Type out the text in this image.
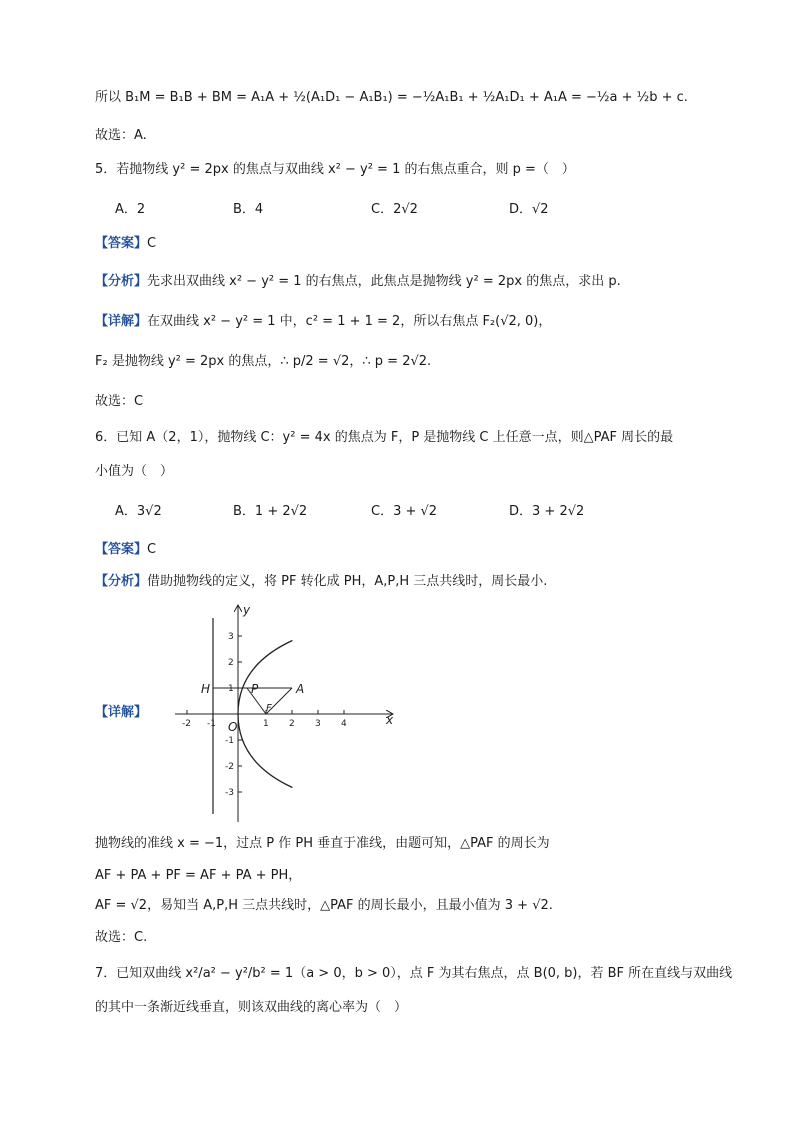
所以 B₁M = B₁B + BM = A₁A + ½(A₁D₁ − A₁B₁) = −½A₁B₁ + ½A₁D₁ + A₁A = −½a + ½b + c.
故选：A.
5．若抛物线 y² = 2px 的焦点与双曲线 x² − y² = 1 的右焦点重合，则 p =（　）
A．2	B．4	C．2√2	D．√2
【答案】C
【分析】先求出双曲线 x² − y² = 1 的右焦点，此焦点是抛物线 y² = 2px 的焦点，求出 p.
【详解】在双曲线 x² − y² = 1 中，c² = 1 + 1 = 2，所以右焦点 F₂(√2, 0)，
F₂ 是抛物线 y² = 2px 的焦点，∴ p/2 = √2，∴ p = 2√2.
故选：C
6．已知 A（2，1），抛物线 C：y² = 4x 的焦点为 F，P 是抛物线 C 上任意一点，则△PAF 周长的最
小值为（　）
A．3√2	B．1 + 2√2	C．3 + √2	D．3 + 2√2
【答案】C
【分析】借助抛物线的定义，将 PF 转化成 PH，A,P,H 三点共线时，周长最小.
【详解】
-2 -1	1 2 3 4
3
2
1
-1
-2
-3
x
y
O
H	P	A
F
抛物线的准线 x = −1，过点 P 作 PH 垂直于准线，由题可知，△PAF 的周长为
AF + PA + PF = AF + PA + PH，
AF = √2，易知当 A,P,H 三点共线时，△PAF 的周长最小，且最小值为 3 + √2.
故选：C.
7．已知双曲线 x²/a² − y²/b² = 1（a > 0，b > 0），点 F 为其右焦点，点 B(0, b)，若 BF 所在直线与双曲线
的其中一条渐近线垂直，则该双曲线的离心率为（　）
